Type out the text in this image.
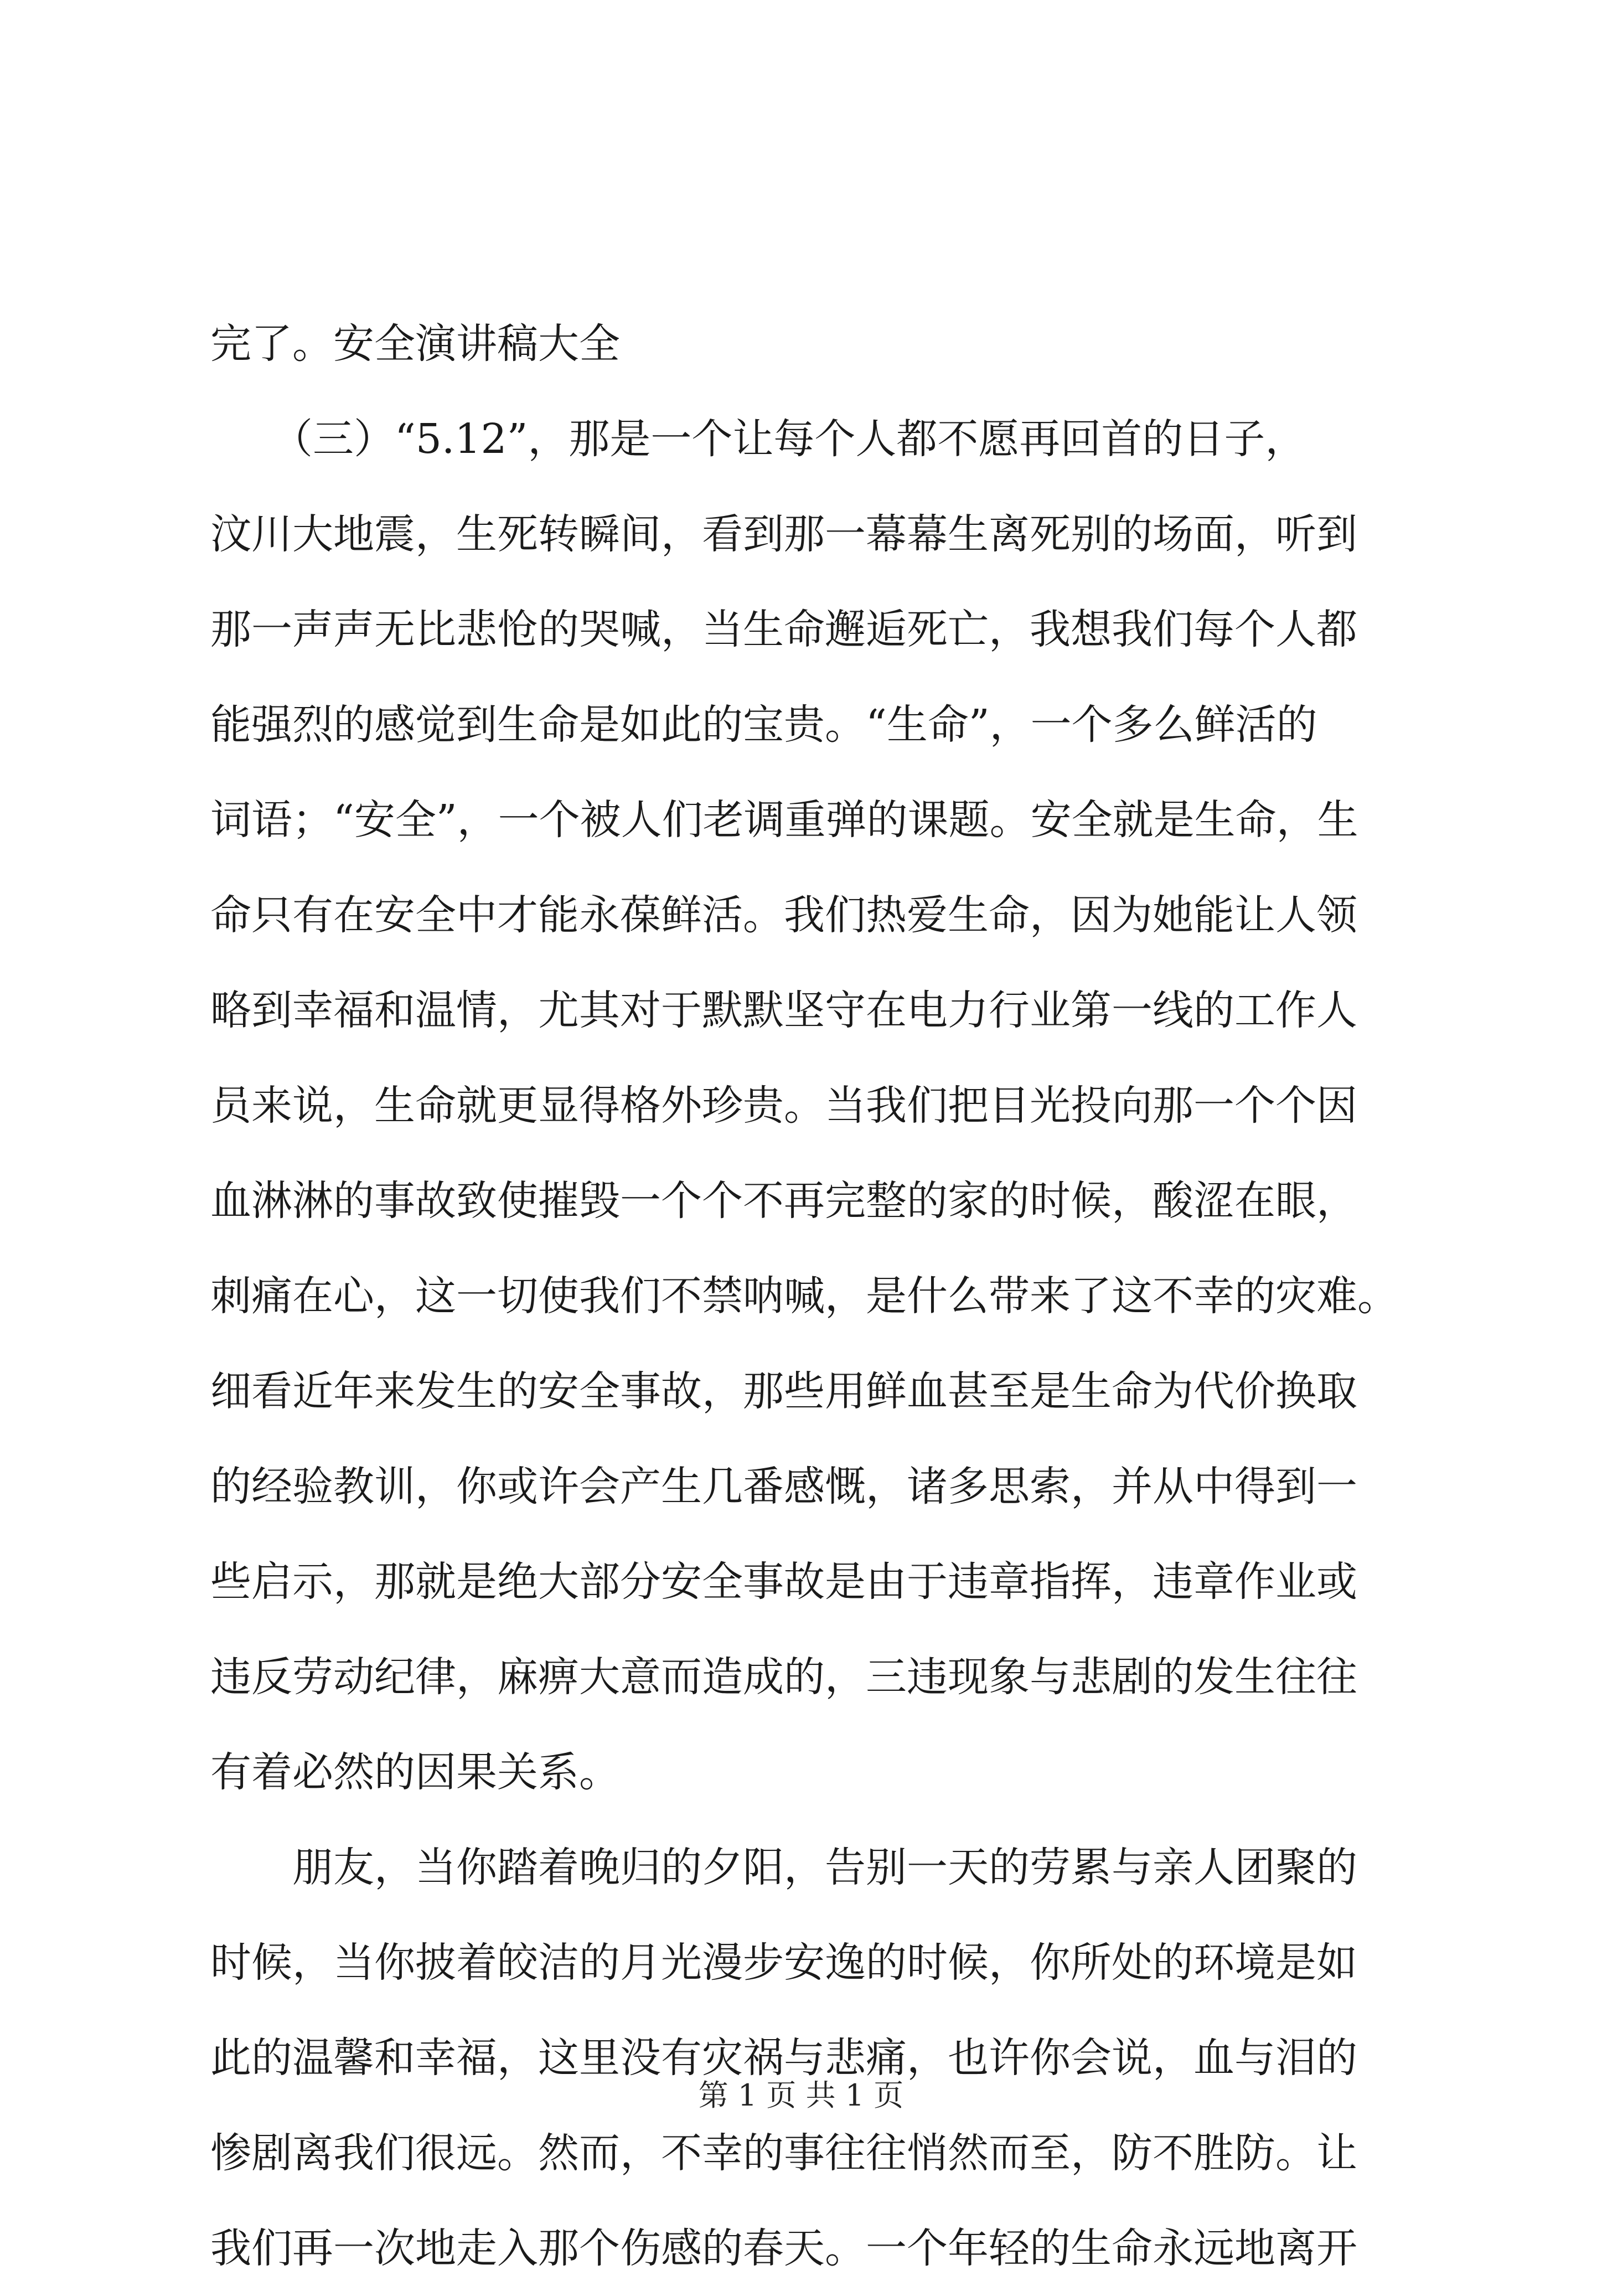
完了。安全演讲稿大全
　　（三）“5.12”，那是一个让每个人都不愿再回首的日子，
汶川大地震，生死转瞬间，看到那一幕幕生离死别的场面，听到
那一声声无比悲怆的哭喊，当生命邂逅死亡，我想我们每个人都
能强烈的感觉到生命是如此的宝贵。“生命”，一个多么鲜活的
词语；“安全”，一个被人们老调重弹的课题。安全就是生命，生
命只有在安全中才能永葆鲜活。我们热爱生命，因为她能让人领
略到幸福和温情，尤其对于默默坚守在电力行业第一线的工作人
员来说，生命就更显得格外珍贵。当我们把目光投向那一个个因
血淋淋的事故致使摧毁一个个不再完整的家的时候，酸涩在眼，
刺痛在心，这一切使我们不禁呐喊，是什么带来了这不幸的灾难。
细看近年来发生的安全事故，那些用鲜血甚至是生命为代价换取
的经验教训，你或许会产生几番感慨，诸多思索，并从中得到一
些启示，那就是绝大部分安全事故是由于违章指挥，违章作业或
违反劳动纪律，麻痹大意而造成的，三违现象与悲剧的发生往往
有着必然的因果关系。
　　朋友，当你踏着晚归的夕阳，告别一天的劳累与亲人团聚的
时候，当你披着皎洁的月光漫步安逸的时候，你所处的环境是如
此的温馨和幸福，这里没有灾祸与悲痛，也许你会说，血与泪的
惨剧离我们很远。然而，不幸的事往往悄然而至，防不胜防。让
我们再一次地走入那个伤感的春天。一个年轻的生命永远地离开
第 1 页 共 1 页
